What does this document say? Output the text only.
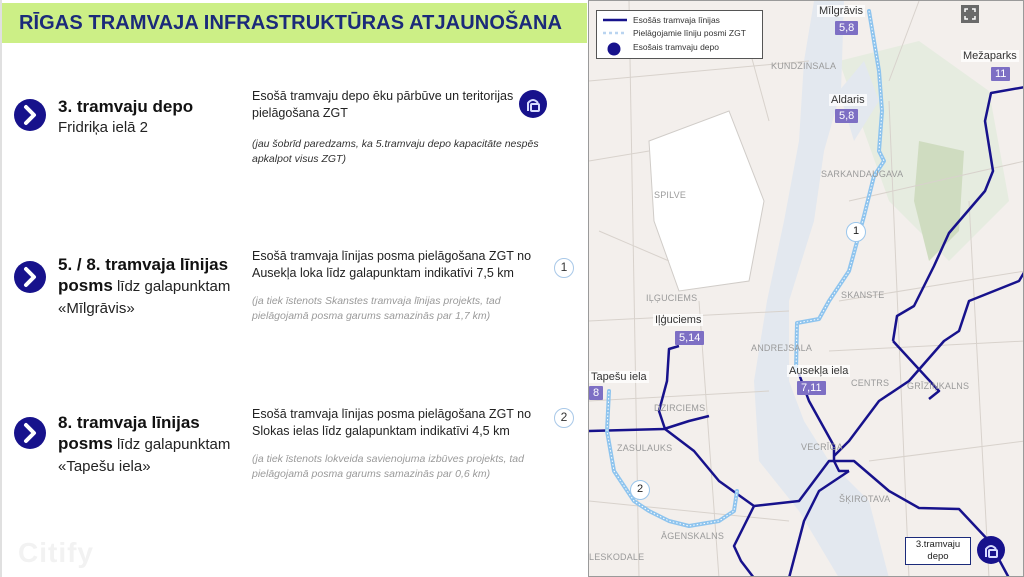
RĪGAS TRAMVAJA INFRASTRUKTŪRAS ATJAUNOŠANA
3. tramvaju depo
Fridriķa ielā 2
Esošā tramvaju depo ēku pārbūve un teritorijas pielāgošana ZGT
(jau šobrīd paredzams, ka 5.tramvaju depo kapacitāte nespēs apkalpot visus ZGT)
5. / 8. tramvaja līnijas
posms līdz galapunktam
«Mīlgrāvis»
Esošā tramvaja līnijas posma pielāgošana ZGT no Ausekļa loka līdz galapunktam indikatīvi 7,5 km	1
(ja tiek īstenots Skanstes tramvaja līnijas projekts, tad pielāgojamā posma garums samazinās par 1,7 km)
8. tramvaja līnijas
posms līdz galapunktam
«Tapešu iela»
Esošā tramvaja līnijas posma pielāgošana ZGT no Slokas ielas līdz galapunktam indikatīvi 4,5 km
2
(ja tiek īstenots lokveida savienojuma izbūves projekts, tad pielāgojamā posma garums samazinās par 0,6 km)
Citify
Esošās tramvaja līnijas
Pielāgojamie līniju posmi ZGT
Esošais tramvaju depo
KUNDZINSALA
SARKANDAUGAVA
SPILVE
IĻĢUCIEMS	SKANSTE
ANDREJSALA
CENTRS GRĪZIŅKALNS
DZIRCIEMS
ZASULAUKS	VECRĪGA
ŠĶIROTAVA
ĀGENSKALNS
LESKODALE
Mīlgrāvis
5,8
Aldaris
5,8
Mežaparks
11
Iļģuciems
5,14
Tapešu iela
8
Ausekļa iela
7,11
1
2
3.tramvaju
depo
